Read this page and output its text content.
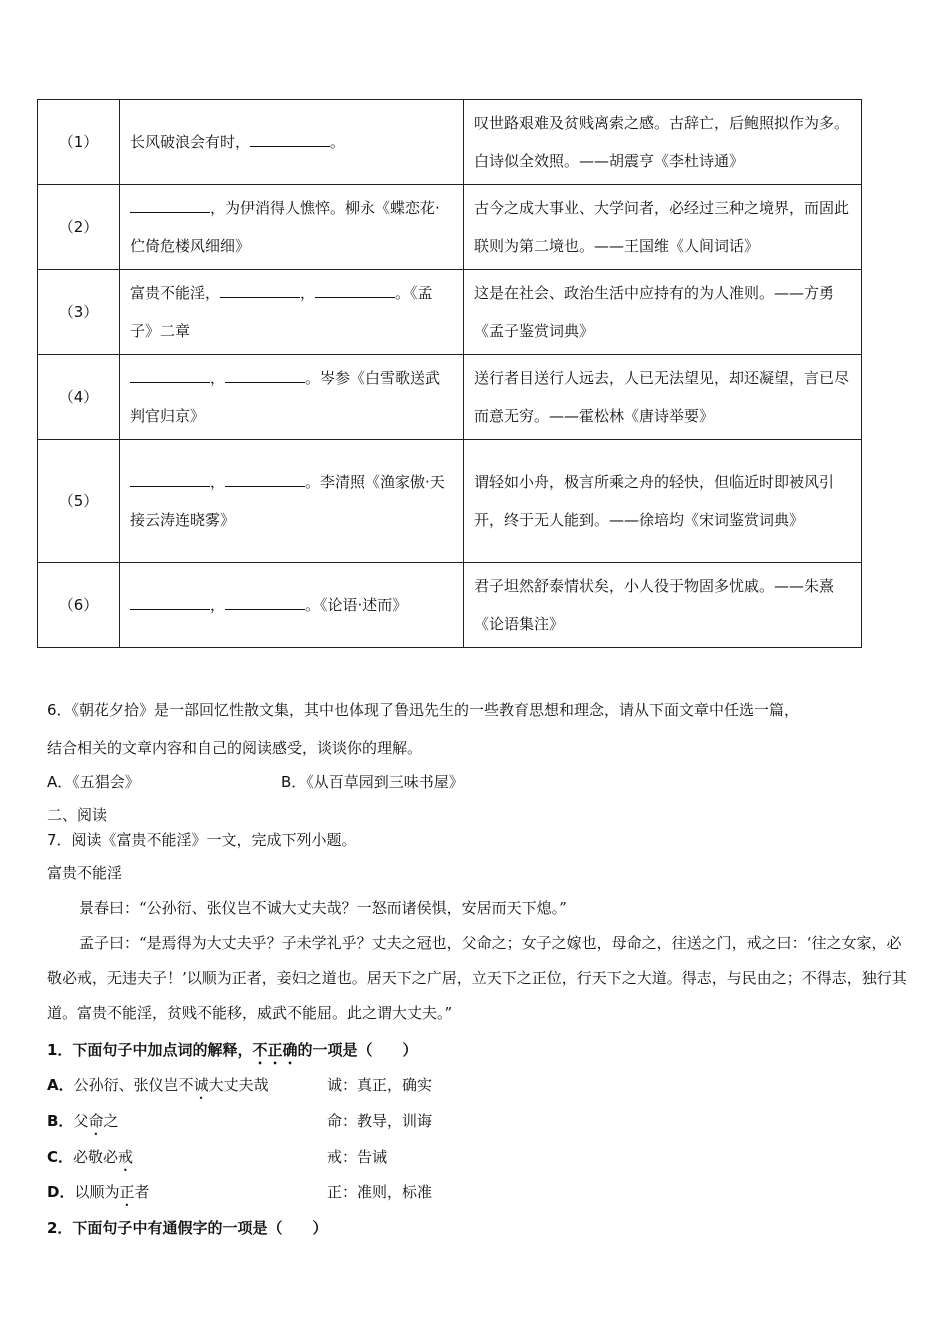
（1）	长风破浪会有时， 。	叹世路艰难及贫贱离索之感。古辞亡，后鲍照拟作为多。白诗似全效照。——胡震亨《李杜诗通》
（2）	，为伊消得人憔悴。柳永《蝶恋花·伫倚危楼风细细》	古今之成大事业、大学问者，必经过三种之境界，而固此联则为第二境也。——王国维《人间词话》
（3）	富贵不能淫， ， 。《孟子》二章	这是在社会、政治生活中应持有的为人准则。——方勇《孟子鉴赏词典》
（4）	， 。岑参《白雪歌送武判官归京》	送行者目送行人远去，人已无法望见，却还凝望，言已尽而意无穷。——霍松林《唐诗举要》
（5）	， 。李清照《渔家傲·天接云涛连晓雾》	谓轻如小舟，极言所乘之舟的轻快，但临近时即被风引开，终于无人能到。——徐培均《宋词鉴赏词典》
（6）	， 。《论语·述而》	君子坦然舒泰情状矣，小人役于物固多忧戚。——朱熹《论语集注》
6．《朝花夕拾》是一部回忆性散文集，其中也体现了鲁迅先生的一些教育思想和理念，请从下面文章中任选一篇，
结合相关的文章内容和自己的阅读感受，谈谈你的理解。
A．《五猖会》	B．《从百草园到三味书屋》
二、阅读
7．阅读《富贵不能淫》一文，完成下列小题。

富贵不能淫

景春曰：“公孙衍、张仪岂不诚大丈夫哉？一怒而诸侯惧，安居而天下熄。”

孟子曰：“是焉得为大丈夫乎？子未学礼乎？丈夫之冠也，父命之；女子之嫁也，母命之，往送之门，戒之曰：‘往之女家，必敬必戒，无违夫子！’以顺为正者，妾妇之道也。居天下之广居，立天下之正位，行天下之大道。得志，与民由之；不得志，独行其道。富贵不能淫，贫贱不能移，威武不能屈。此之谓大丈夫。”

1．下面句子中加点词的解释，不正确的一项是（　　）
A．公孙衍、张仪岂不诚大丈夫哉	诚：真正，确实
B．父命之	命：教导，训诲
C．必敬必戒	戒：告诫
D．以顺为正者	正：准则，标准
2．下面句子中有通假字的一项是（　　）
